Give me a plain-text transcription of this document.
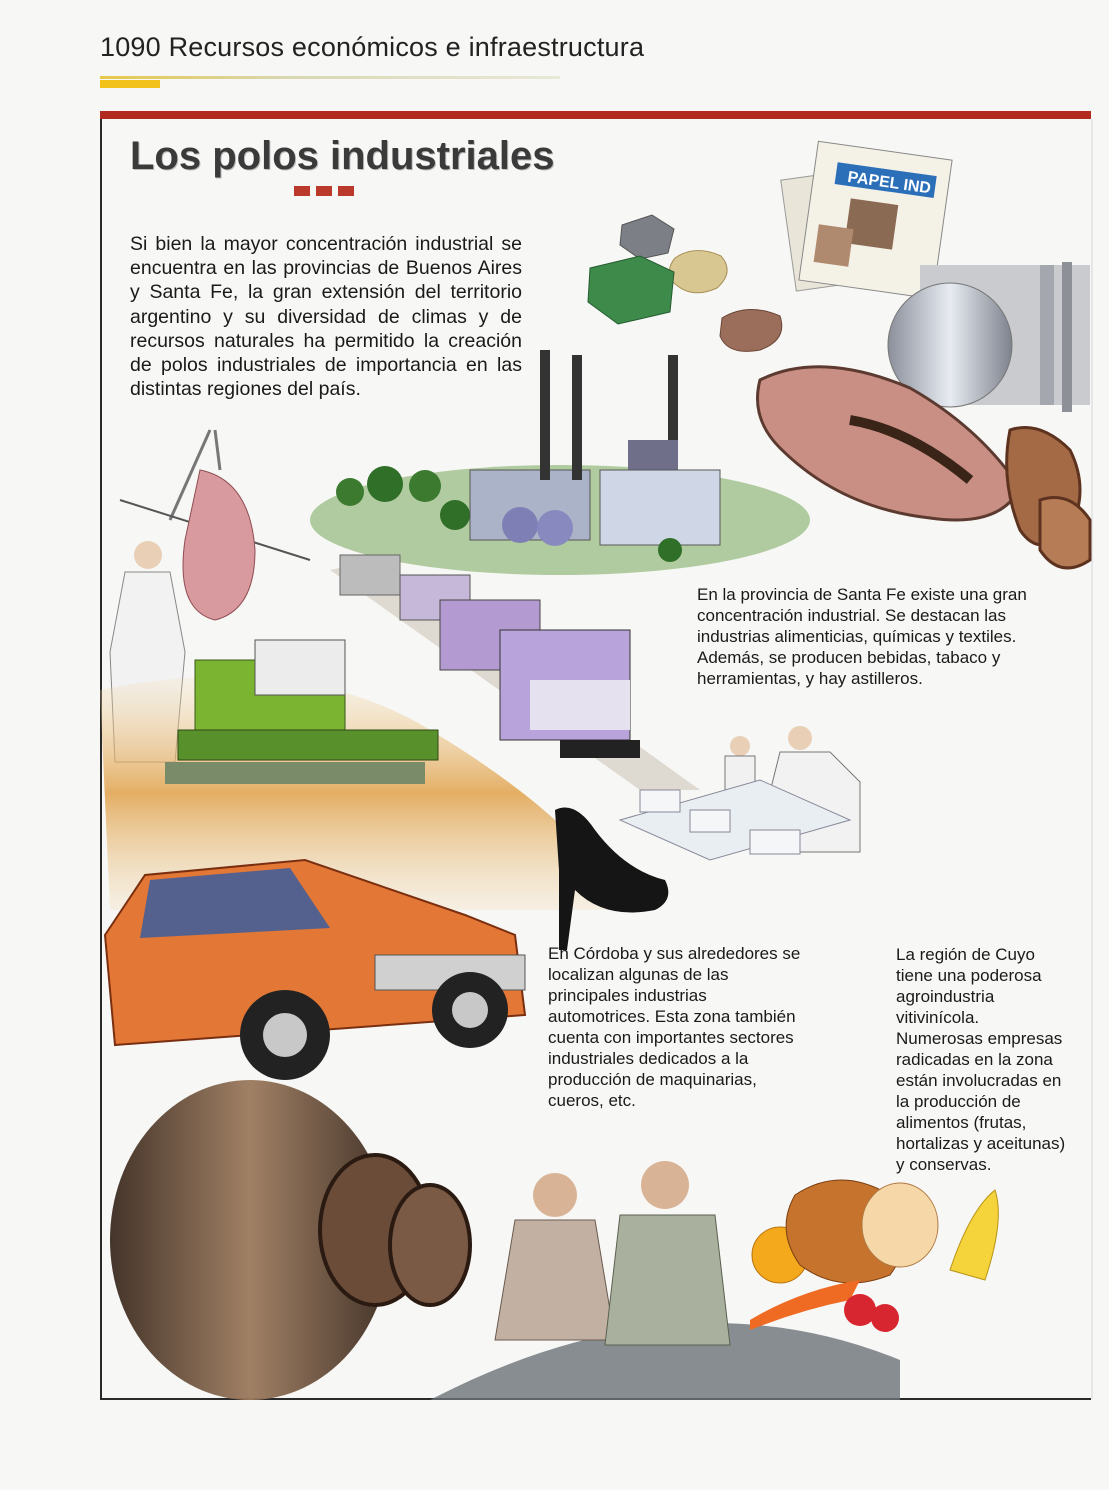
1090 Recursos económicos e infraestructura
PAPEL IND
Los polos industriales
Si bien la mayor concentración industrial se encuentra en las provincias de Buenos Aires y Santa Fe, la gran extensión del territorio argentino y su diversidad de climas y de recursos naturales ha permitido la creación de polos industriales de importancia en las distintas regiones del país.
En la provincia de Santa Fe existe una gran concentración industrial. Se destacan las industrias alimenticias, químicas y textiles. Además, se producen bebidas, tabaco y herramientas, y hay astilleros.
En Córdoba y sus alrededores se localizan algunas de las principales industrias automotrices. Esta zona también cuenta con importantes sectores industriales dedicados a la producción de maquinarias, cueros, etc.
La región de Cuyo tiene una poderosa agroindustria vitivinícola. Numerosas empresas radicadas en la zona están involucradas en la producción de alimentos (frutas, hortalizas y aceitunas) y conservas.
